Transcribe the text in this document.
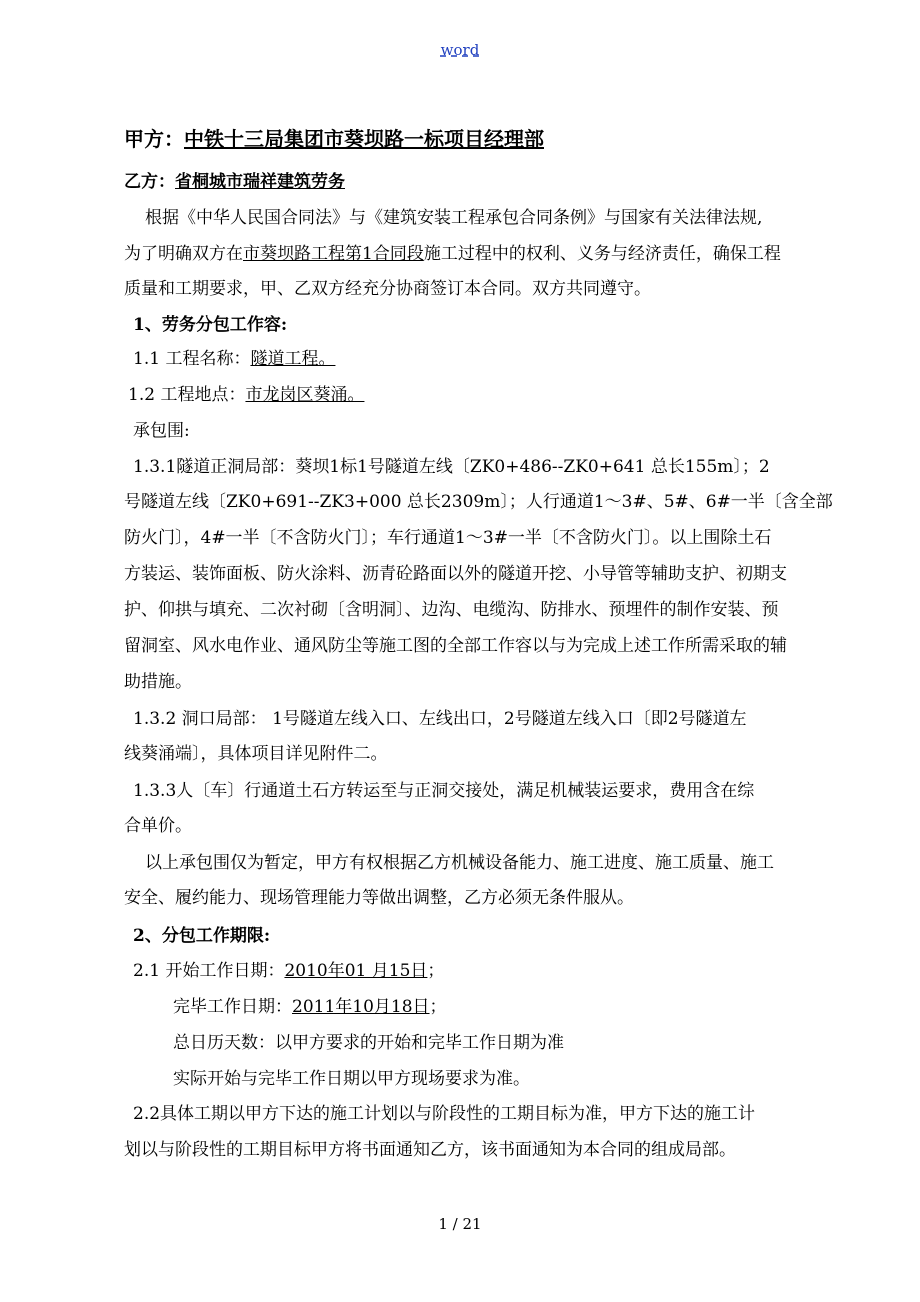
word
甲方：中铁十三局集团市葵坝路一标项目经理部
乙方：省桐城市瑞祥建筑劳务
根据《中华人民国合同法》与《建筑安装工程承包合同条例》与国家有关法律法规,
为了明确双方在市葵坝路工程第1合同段施工过程中的权利、义务与经济责任，确保工程
质量和工期要求，甲、乙双方经充分协商签订本合同。双方共同遵守。
1、劳务分包工作容:
1.1 工程名称：隧道工程。
1.2 工程地点：市龙岗区葵涌。
承包围:
1.3.1隧道正洞局部：葵坝1标1号隧道左线〔ZK0+486--ZK0+641 总长155m〕；2
号隧道左线〔ZK0+691--ZK3+000 总长2309m〕；人行通道1～3#、5#、6#一半〔含全部
防火门〕，4#一半〔不含防火门〕；车行通道1～3#一半〔不含防火门〕。以上围除土石
方装运、装饰面板、防火涂料、沥青砼路面以外的隧道开挖、小导管等辅助支护、初期支
护、仰拱与填充、二次衬砌〔含明洞〕、边沟、电缆沟、防排水、预埋件的制作安装、预
留洞室、风水电作业、通风防尘等施工图的全部工作容以与为完成上述工作所需采取的辅
助措施。
1.3.2 洞口局部： 1号隧道左线入口、左线出口，2号隧道左线入口〔即2号隧道左
线葵涌端〕，具体项目详见附件二。
1.3.3人〔车〕行通道土石方转运至与正洞交接处，满足机械装运要求，费用含在综
合单价。
以上承包围仅为暂定，甲方有权根据乙方机械设备能力、施工进度、施工质量、施工
安全、履约能力、现场管理能力等做出调整，乙方必须无条件服从。
2、分包工作期限:
2.1 开始工作日期：2010年01 月15日；
完毕工作日期：2011年10月18日；
总日历天数：以甲方要求的开始和完毕工作日期为准
实际开始与完毕工作日期以甲方现场要求为准。
2.2具体工期以甲方下达的施工计划以与阶段性的工期目标为准，甲方下达的施工计
划以与阶段性的工期目标甲方将书面通知乙方，该书面通知为本合同的组成局部。
1 / 21
